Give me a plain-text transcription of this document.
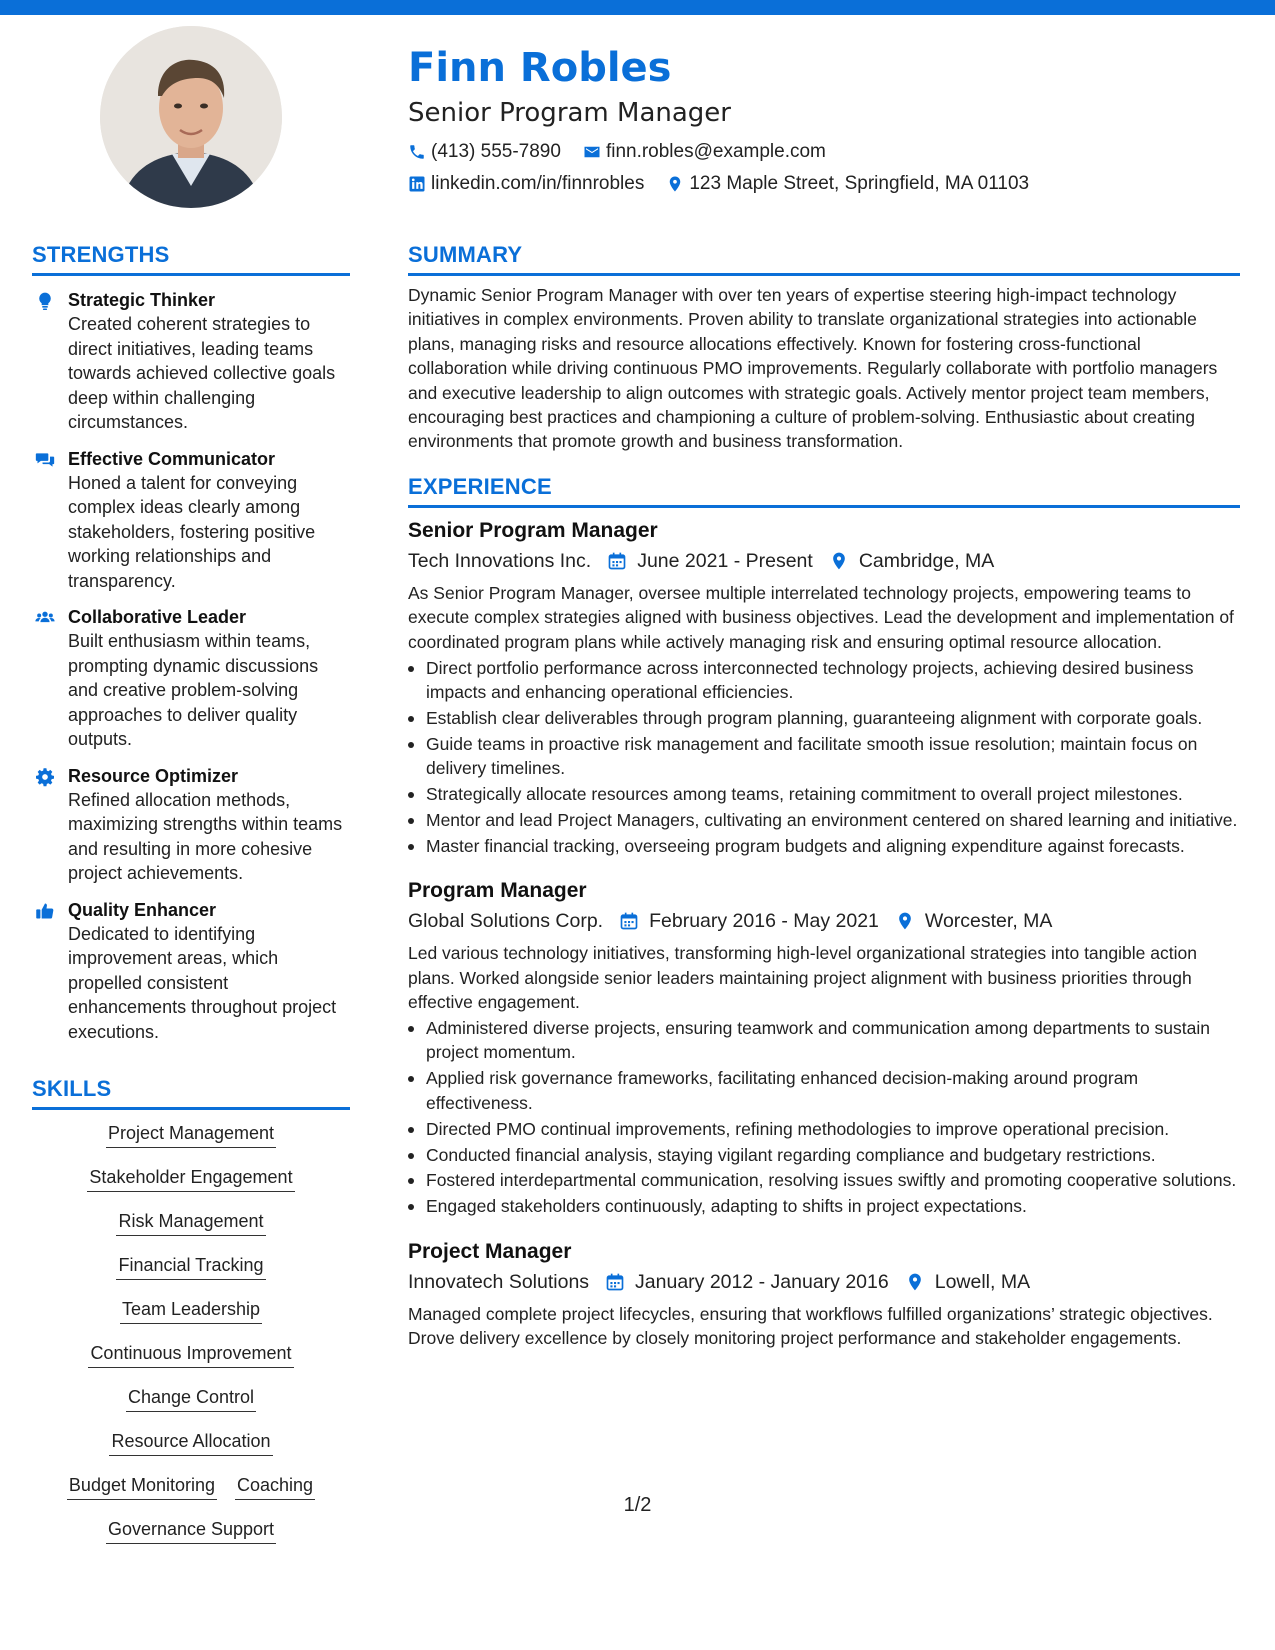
Finn Robles
Senior Program Manager
(413) 555-7890 finn.robles@example.com
linkedin.com/in/finnrobles 123 Maple Street, Springfield, MA 01103
STRENGTHS
Strategic Thinker
Created coherent strategies to direct initiatives, leading teams towards achieved collective goals deep within challenging circumstances.
Effective Communicator
Honed a talent for conveying complex ideas clearly among stakeholders, fostering positive working relationships and transparency.
Collaborative Leader
Built enthusiasm within teams, prompting dynamic discussions and creative problem-solving approaches to deliver quality outputs.
Resource Optimizer
Refined allocation methods, maximizing strengths within teams and resulting in more cohesive project achievements.
Quality Enhancer
Dedicated to identifying improvement areas, which propelled consistent enhancements throughout project executions.
SKILLS
Project Management
Stakeholder Engagement
Risk Management
Financial Tracking
Team Leadership
Continuous Improvement
Change Control
Resource Allocation
Budget Monitoring Coaching
Governance Support
SUMMARY
Dynamic Senior Program Manager with over ten years of expertise steering high-impact technology initiatives in complex environments. Proven ability to translate organizational strategies into actionable plans, managing risks and resource allocations effectively. Known for fostering cross-functional collaboration while driving continuous PMO improvements. Regularly collaborate with portfolio managers and executive leadership to align outcomes with strategic goals. Actively mentor project team members, encouraging best practices and championing a culture of problem-solving. Enthusiastic about creating environments that promote growth and business transformation.
EXPERIENCE
Senior Program Manager
Tech Innovations Inc. June 2021 - Present Cambridge, MA
As Senior Program Manager, oversee multiple interrelated technology projects, empowering teams to execute complex strategies aligned with business objectives. Lead the development and implementation of coordinated program plans while actively managing risk and ensuring optimal resource allocation.
Direct portfolio performance across interconnected technology projects, achieving desired business impacts and enhancing operational efficiencies.
Establish clear deliverables through program planning, guaranteeing alignment with corporate goals.
Guide teams in proactive risk management and facilitate smooth issue resolution; maintain focus on delivery timelines.
Strategically allocate resources among teams, retaining commitment to overall project milestones.
Mentor and lead Project Managers, cultivating an environment centered on shared learning and initiative.
Master financial tracking, overseeing program budgets and aligning expenditure against forecasts.
Program Manager
Global Solutions Corp. February 2016 - May 2021 Worcester, MA
Led various technology initiatives, transforming high-level organizational strategies into tangible action plans. Worked alongside senior leaders maintaining project alignment with business priorities through effective engagement.
Administered diverse projects, ensuring teamwork and communication among departments to sustain project momentum.
Applied risk governance frameworks, facilitating enhanced decision-making around program effectiveness.
Directed PMO continual improvements, refining methodologies to improve operational precision.
Conducted financial analysis, staying vigilant regarding compliance and budgetary restrictions.
Fostered interdepartmental communication, resolving issues swiftly and promoting cooperative solutions.
Engaged stakeholders continuously, adapting to shifts in project expectations.
Project Manager
Innovatech Solutions January 2012 - January 2016 Lowell, MA
Managed complete project lifecycles, ensuring that workflows fulfilled organizations’ strategic objectives. Drove delivery excellence by closely monitoring project performance and stakeholder engagements.
1/2
